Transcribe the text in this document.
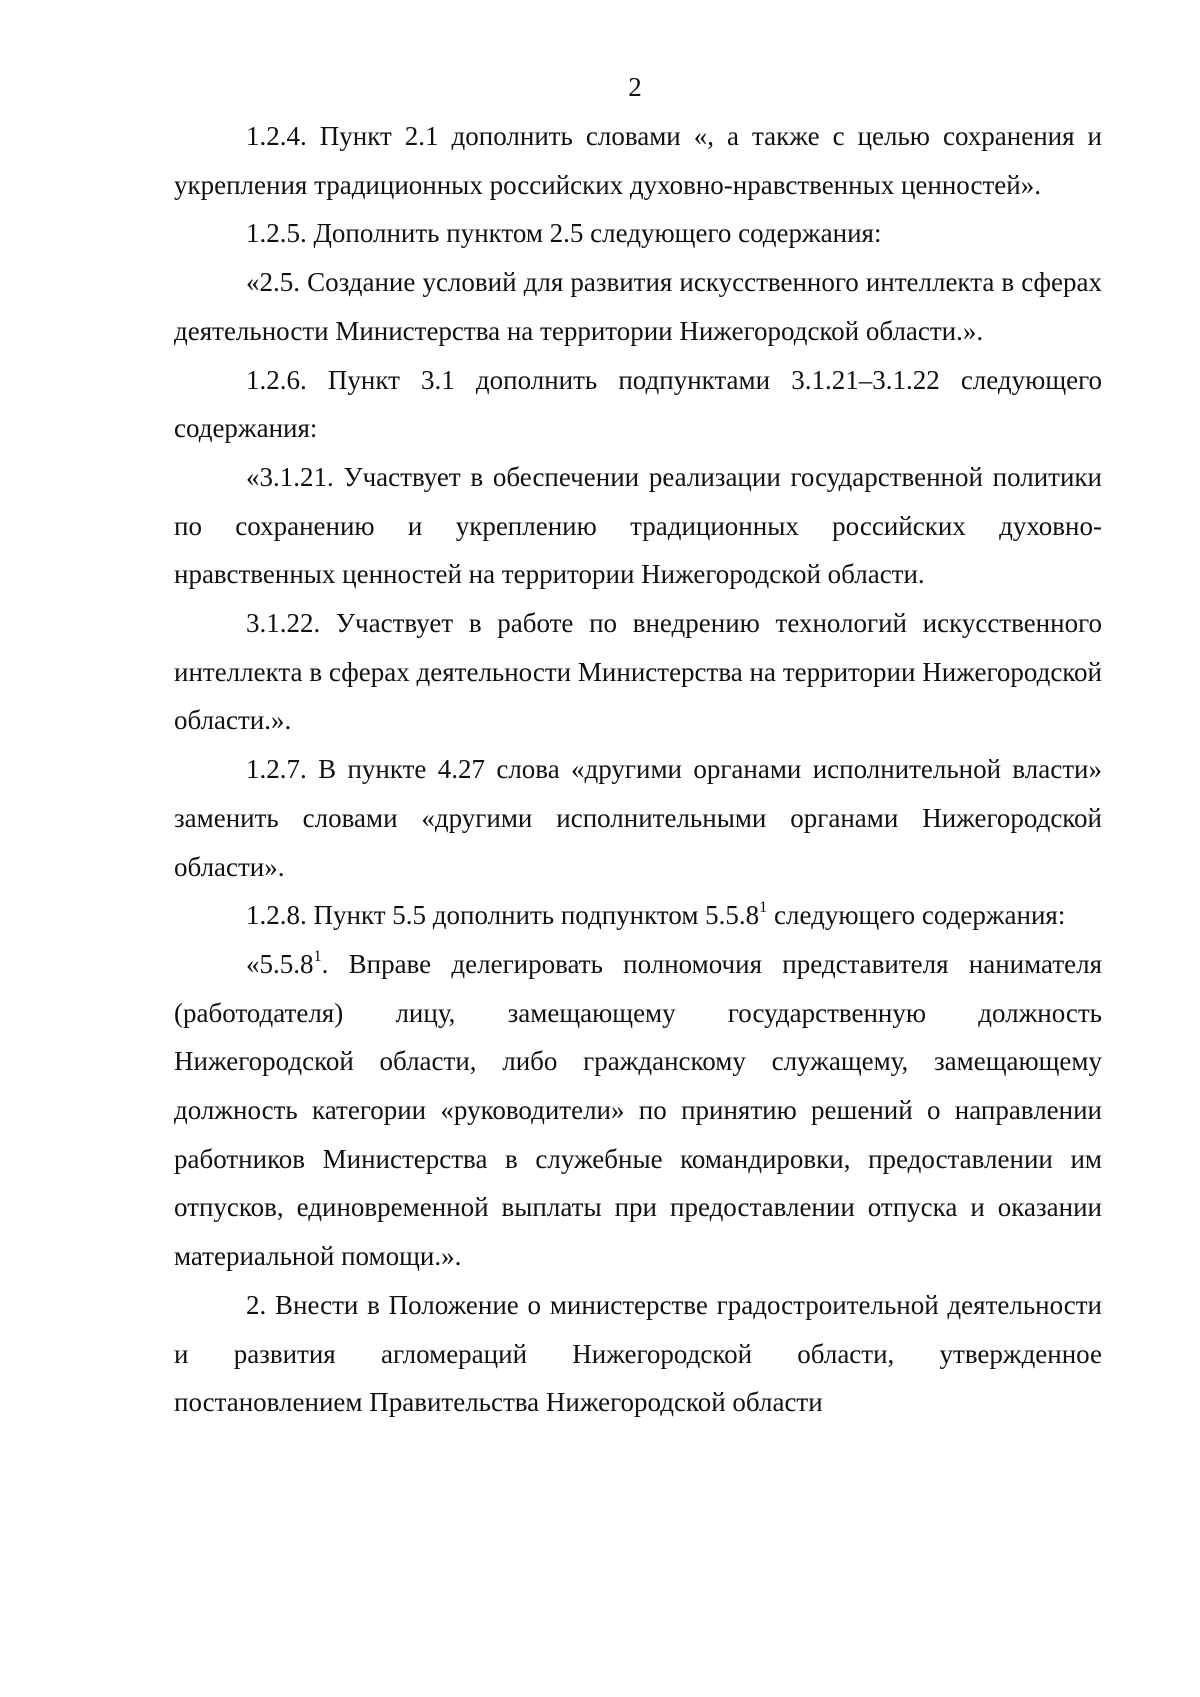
2

1.2.4. Пункт 2.1 дополнить словами «, а также с целью сохранения и укрепления традиционных российских духовно-нравственных ценностей».

1.2.5. Дополнить пунктом 2.5 следующего содержания:

«2.5. Создание условий для развития искусственного интеллекта в сферах деятельности Министерства на территории Нижегородской области.».

1.2.6. Пункт 3.1 дополнить подпунктами 3.1.21–3.1.22 следующего содержания:

«3.1.21. Участвует в обеспечении реализации государственной политики по сохранению и укреплению традиционных российских духовно-нравственных ценностей на территории Нижегородской области.

3.1.22. Участвует в работе по внедрению технологий искусственного интеллекта в сферах деятельности Министерства на территории Нижегородской области.».

1.2.7. В пункте 4.27 слова «другими органами исполнительной власти» заменить словами «другими исполнительными органами Нижегородской области».

1.2.8. Пункт 5.5 дополнить подпунктом 5.5.8$^1$ следующего содержания:

«5.5.8$^1$. Вправе делегировать полномочия представителя нанимателя (работодателя) лицу, замещающему государственную должность Нижегородской области, либо гражданскому служащему, замещающему должность категории «руководители» по принятию решений о направлении работников Министерства в служебные командировки, предоставлении им отпусков, единовременной выплаты при предоставлении отпуска и оказании материальной помощи.».

2. Внести в Положение о министерстве градостроительной деятельности и развития агломераций Нижегородской области, утвержденное постановлением Правительства Нижегородской области
